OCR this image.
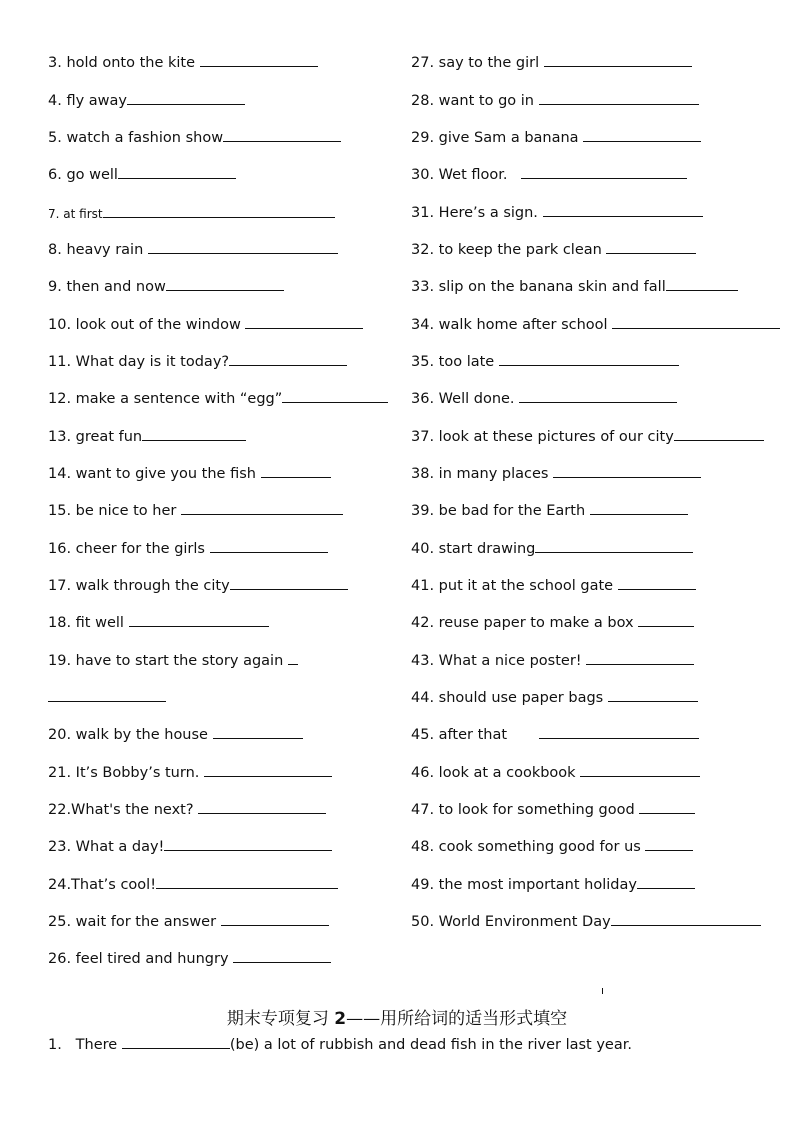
3. hold onto the kite
4. fly away
5. watch a fashion show
6. go well
7. at first
8. heavy rain
9. then and now
10. look out of the window
11. What day is it today?
12. make a sentence with “egg”
13. great fun
14. want to give you the fish
15. be nice to her
16. cheer for the girls
17. walk through the city
18. fit well
19. have to start the story again
20. walk by the house
21. It’s Bobby’s turn.
22.What's the next?
23. What a day!
24.That’s cool!
25. wait for the answer
26. feel tired and hungry
27. say to the girl
28. want to go in
29. give Sam a banana
30. Wet floor.
31. Here’s a sign.
32. to keep the park clean
33. slip on the banana skin and fall
34. walk home after school
35. too late
36. Well done.
37. look at these pictures of our city
38. in many places
39. be bad for the Earth
40. start drawing
41. put it at the school gate
42. reuse paper to make a box
43. What a nice poster!
44. should use paper bags
45. after that
46. look at a cookbook
47. to look for something good
48. cook something good for us
49. the most important holiday
50. World Environment Day
期末专项复习 2——用所给词的适当形式填空
1. There	(be) a lot of rubbish and dead fish in the river last year.
